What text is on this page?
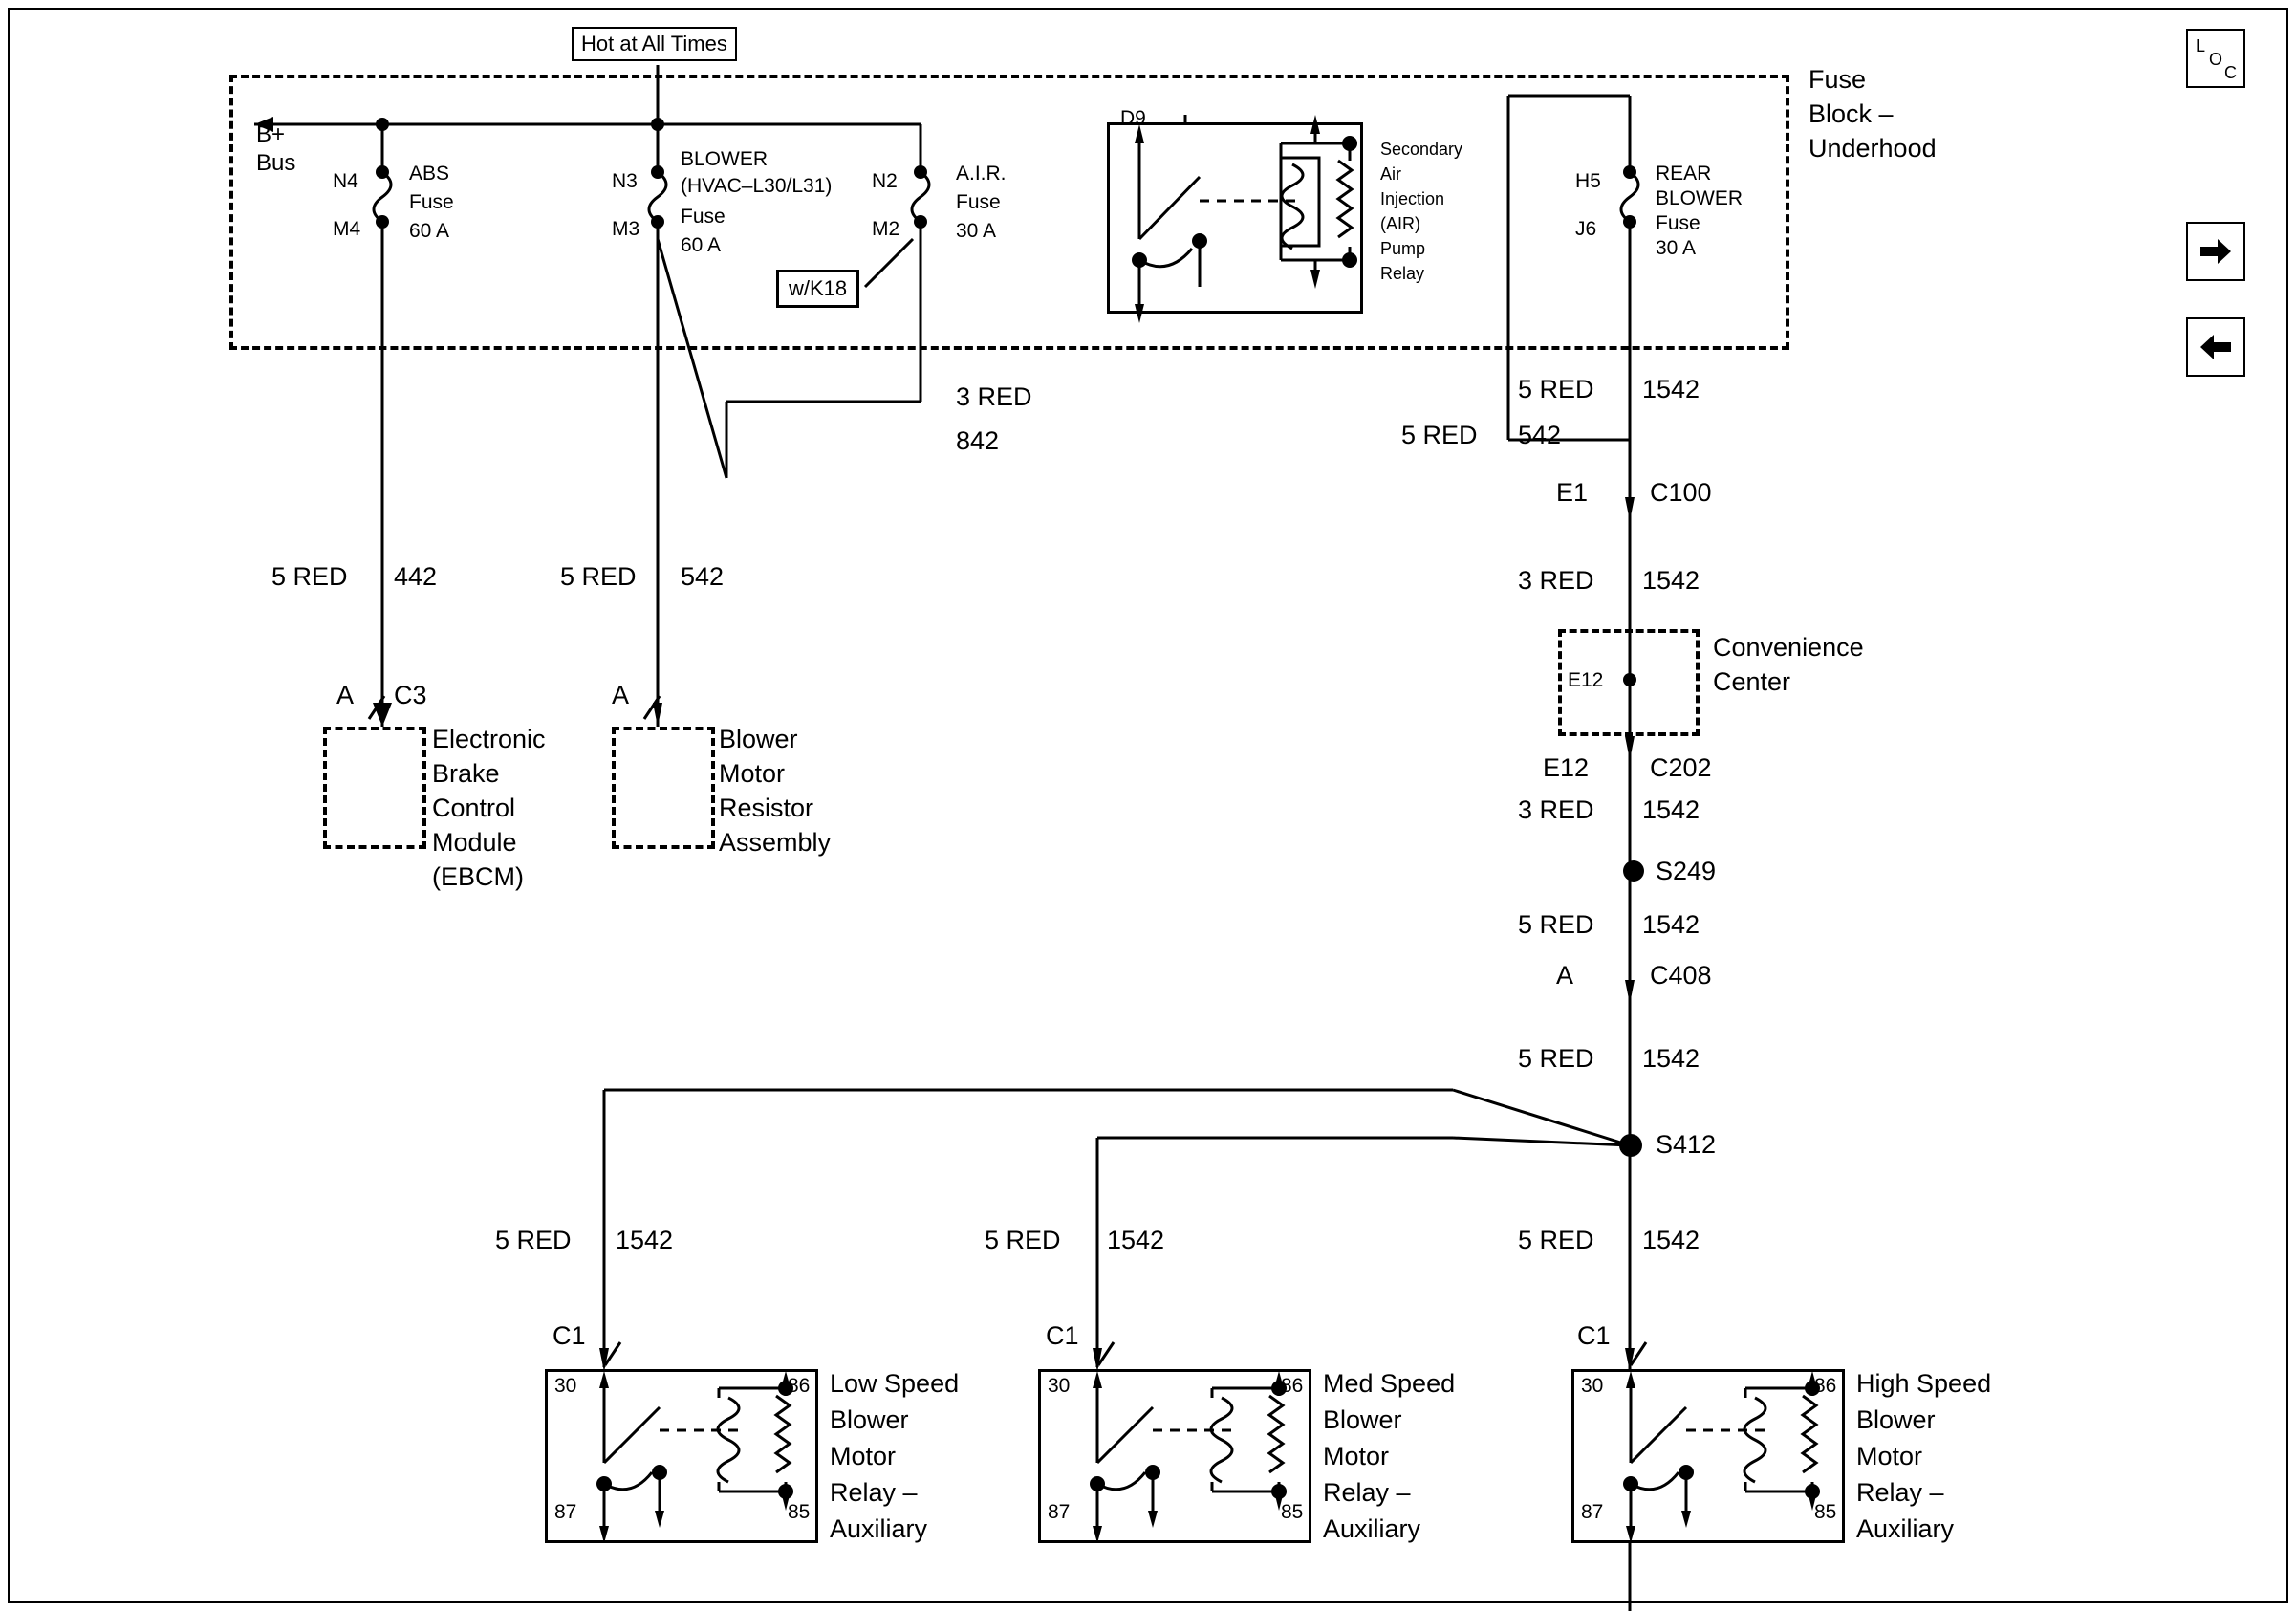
L
O
C
Hot at All Times
Fuse
Block –
Underhood
B+
Bus
N4
M4
ABS
Fuse
60 A
N3
M3
BLOWER
(HVAC–L30/L31)
Fuse
60 A
N2
M2
A.I.R.
Fuse
30 A
H5
J6
REAR
BLOWER
Fuse
30 A
w/K18
D9
Secondary
Air
Injection
(AIR)
Pump
Relay
3 RED
842	5 RED 542
5 RED 1542
5 RED 442	5 RED 542	3 RED 1542
3 RED 1542
5 RED 1542
5 RED 1542
5 RED 1542	5 RED 1542	5 RED 1542
A C3
Electronic
Brake
Control
Module
(EBCM)
A
Blower
Motor
Resistor
Assembly
E1 C100
E12
Convenience
Center
E12 C202
S249
A	C408
S412
C1	C1	C1
30	86
87	85
Low Speed
Blower
Motor
Relay –
Auxiliary
30	86
87	85
Med Speed
Blower
Motor
Relay –
Auxiliary
30	86
87	85
High Speed
Blower
Motor
Relay –
Auxiliary
